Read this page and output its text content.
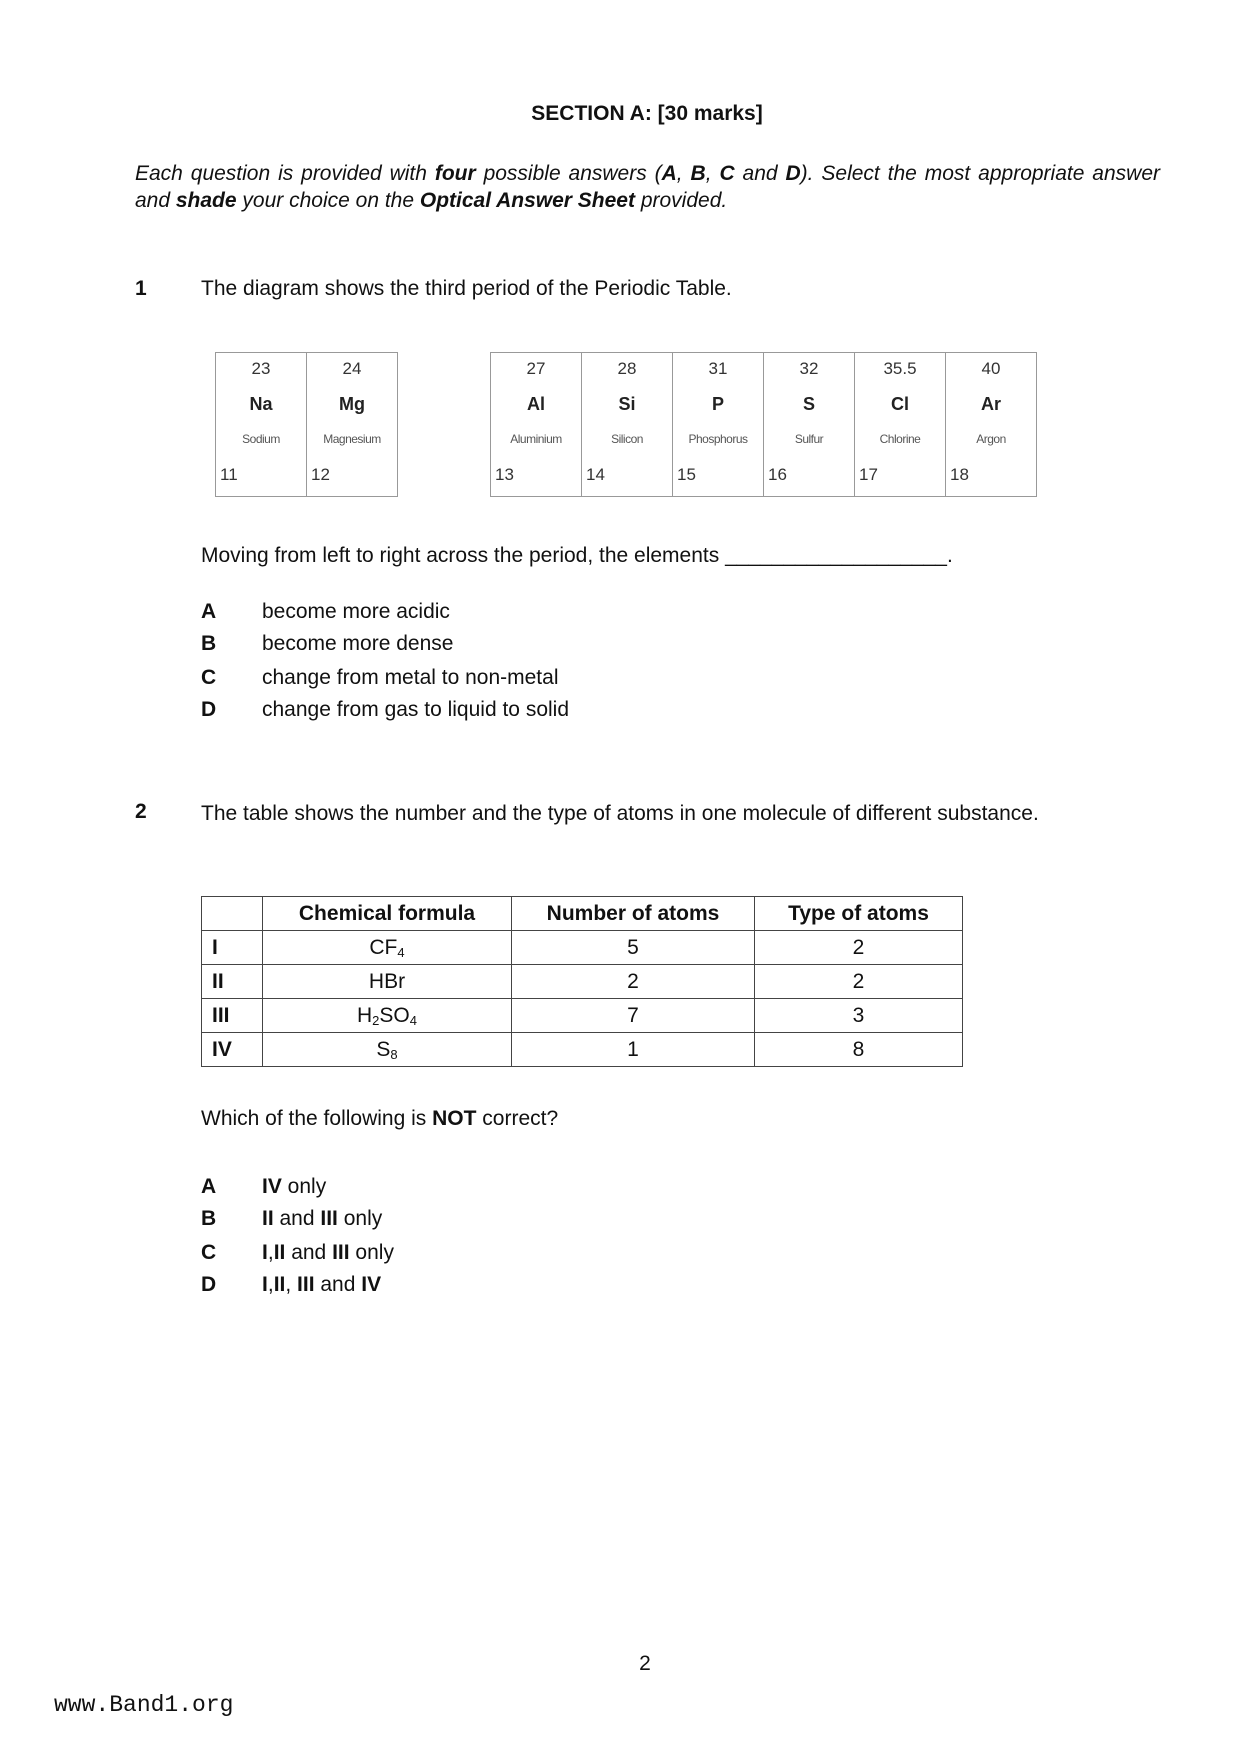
SECTION A: [30 marks]
Each question is provided with four possible answers (A, B, C and D). Select the most appropriate answer and shade your choice on the Optical Answer Sheet provided.
1	The diagram shows the third period of the Periodic Table.
23
Na
Sodium
11
24
Mg
Magnesium
12
27
Al
Aluminium
13
28
Si
Silicon
14
31
P
Phosphorus
15
32
S
Sulfur
16
35.5
Cl
Chlorine
17
40
Ar
Argon
18
Moving from left to right across the period, the elements ___________________.
A become more acidic
B become more dense
C change from metal to non-metal
D change from gas to liquid to solid
2	The table shows the number and the type of atoms in one molecule of different substance.
	Chemical formula	Number of atoms	Type of atoms
I	$CF_4$	5	2
II	HBr	2	2
III	$H_2SO_4$	7	3
IV	$S_8$	1	8
Which of the following is NOT correct?
A IV only
B II and III only
C I,II and III only
D I,II, III and IV
2
www.Band1.org
